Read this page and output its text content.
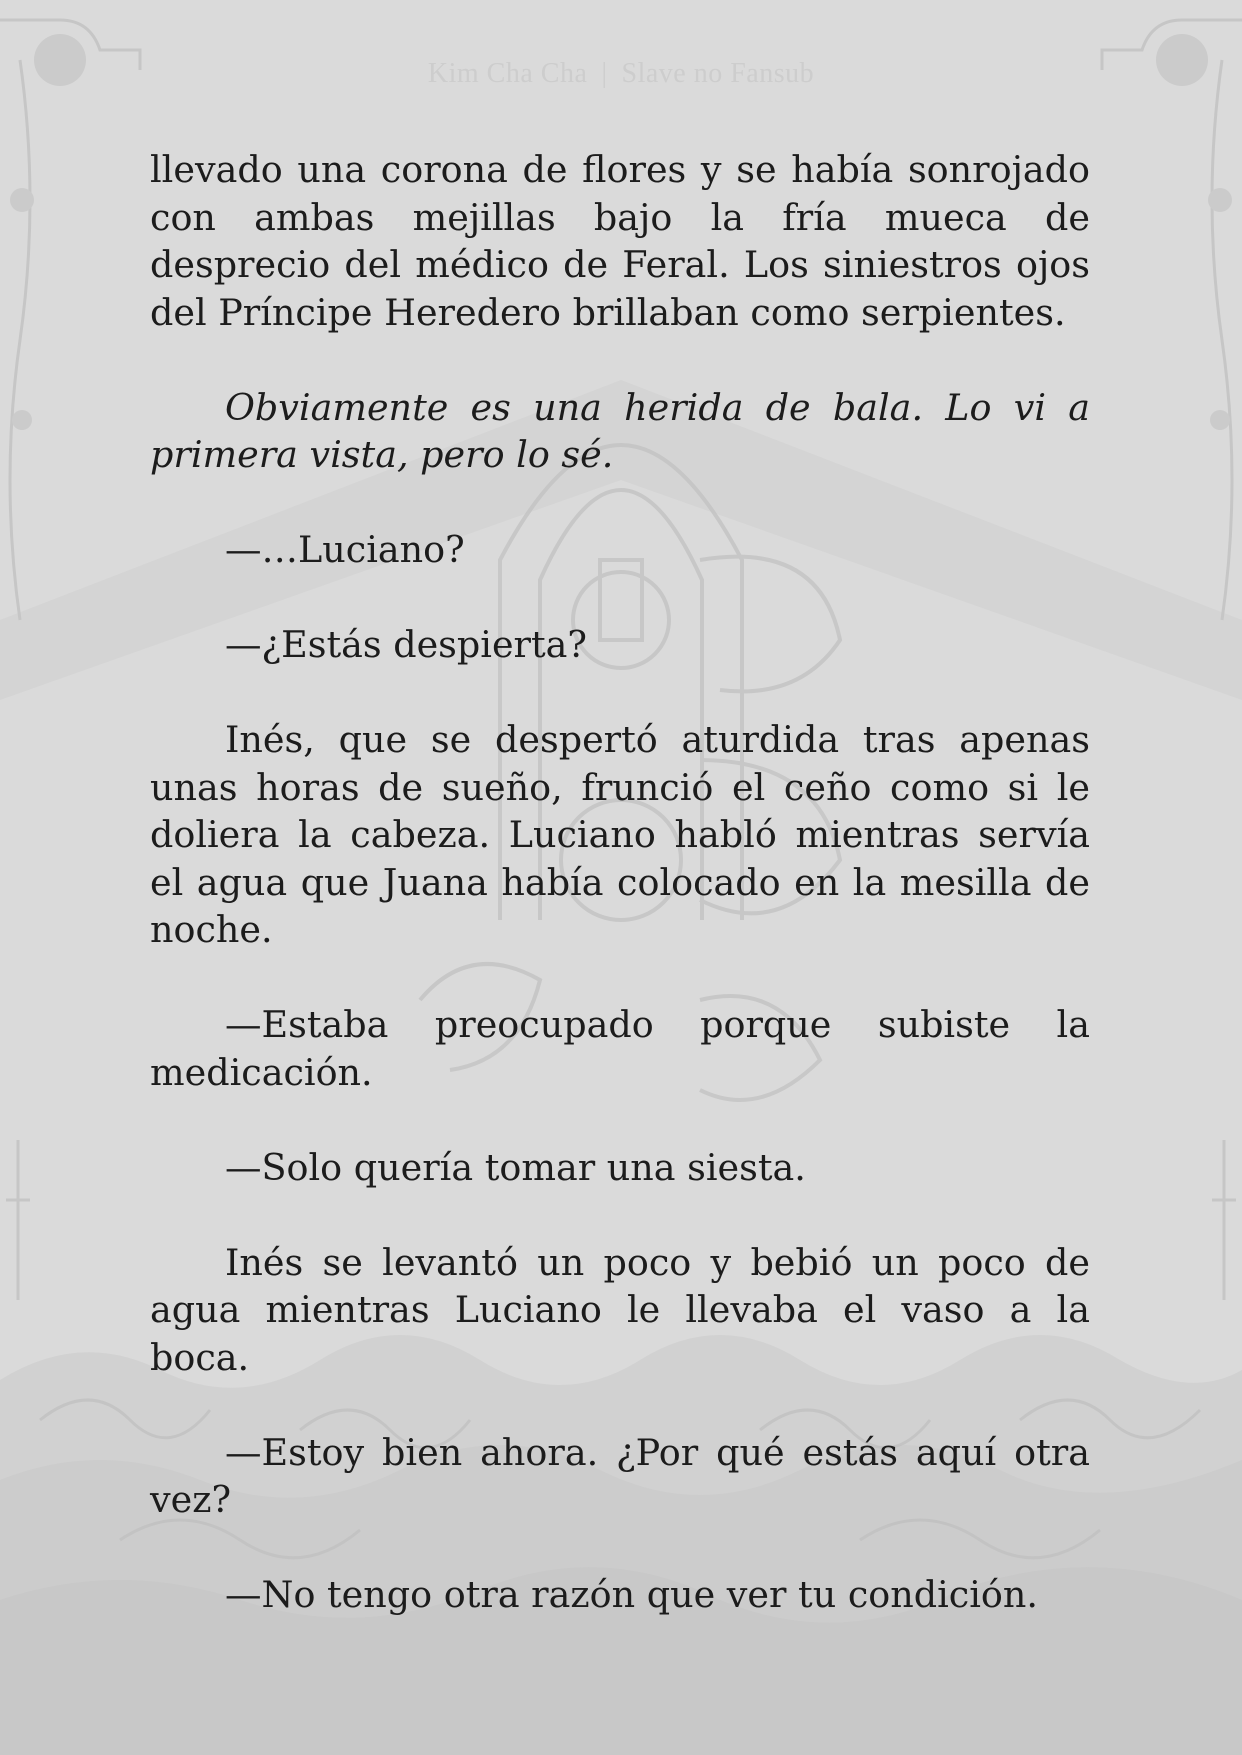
Kim Cha Cha | Slave no Fansub

llevado una corona de flores y se había sonrojado con ambas mejillas bajo la fría mueca de desprecio del médico de Feral. Los siniestros ojos del Príncipe Heredero brillaban como serpientes.

Obviamente es una herida de bala. Lo vi a primera vista, pero lo sé.

—…Luciano?

—¿Estás despierta?

Inés, que se despertó aturdida tras apenas unas horas de sueño, frunció el ceño como si le doliera la cabeza. Luciano habló mientras servía el agua que Juana había colocado en la mesilla de noche.

—Estaba preocupado porque subiste la medicación.

—Solo quería tomar una siesta.

Inés se levantó un poco y bebió un poco de agua mientras Luciano le llevaba el vaso a la boca.

—Estoy bien ahora. ¿Por qué estás aquí otra vez?

—No tengo otra razón que ver tu condición.
